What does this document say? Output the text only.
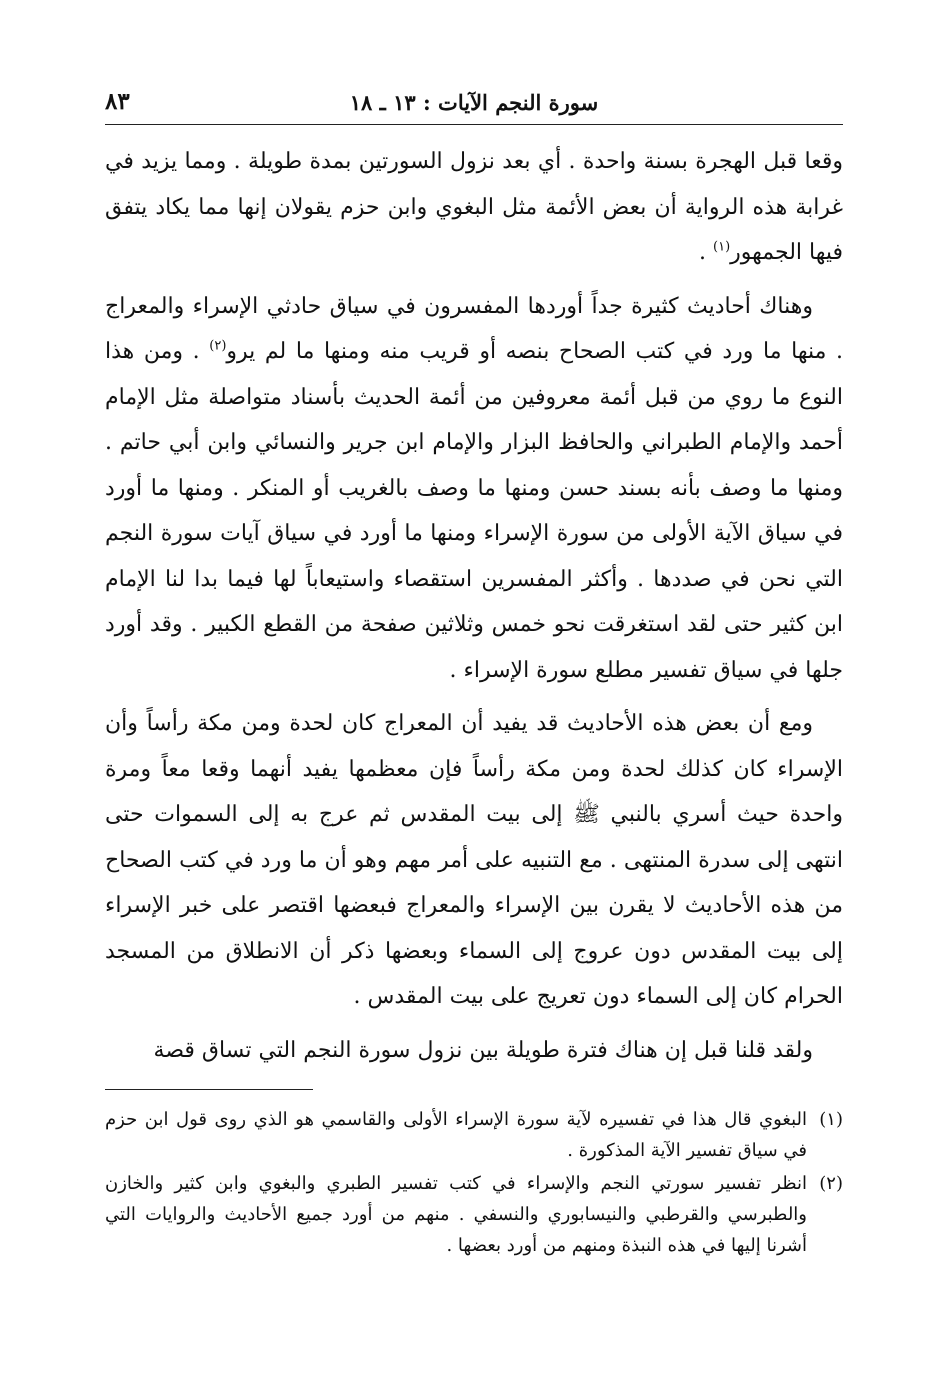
سورة النجم الآيات : ١٣ ـ ١٨
٨٣

وقعا قبل الهجرة بسنة واحدة . أي بعد نزول السورتين بمدة طويلة . ومما يزيد في غرابة هذه الرواية أن بعض الأئمة مثل البغوي وابن حزم يقولان إنها مما يكاد يتفق فيها الجمهور$^{(١)}$ .

وهناك أحاديث كثيرة جداً أوردها المفسرون في سياق حادثي الإسراء والمعراج . منها ما ورد في كتب الصحاح بنصه أو قريب منه ومنها ما لم يرو$^{(٢)}$ . ومن هذا النوع ما روي من قبل أئمة معروفين من أئمة الحديث بأسناد متواصلة مثل الإمام أحمد والإمام الطبراني والحافظ البزار والإمام ابن جرير والنسائي وابن أبي حاتم . ومنها ما وصف بأنه بسند حسن ومنها ما وصف بالغريب أو المنكر . ومنها ما أورد في سياق الآية الأولى من سورة الإسراء ومنها ما أورد في سياق آيات سورة النجم التي نحن في صددها . وأكثر المفسرين استقصاء واستيعاباً لها فيما بدا لنا الإمام ابن كثير حتى لقد استغرقت نحو خمس وثلاثين صفحة من القطع الكبير . وقد أورد جلها في سياق تفسير مطلع سورة الإسراء .

ومع أن بعض هذه الأحاديث قد يفيد أن المعراج كان لحدة ومن مكة رأساً وأن الإسراء كان كذلك لحدة ومن مكة رأساً فإن معظمها يفيد أنهما وقعا معاً ومرة واحدة حيث أسري بالنبي ﷺ إلى بيت المقدس ثم عرج به إلى السموات حتى انتهى إلى سدرة المنتهى . مع التنبيه على أمر مهم وهو أن ما ورد في كتب الصحاح من هذه الأحاديث لا يقرن بين الإسراء والمعراج فبعضها اقتصر على خبر الإسراء إلى بيت المقدس دون عروج إلى السماء وبعضها ذكر أن الانطلاق من المسجد الحرام كان إلى السماء دون تعريج على بيت المقدس .

ولقد قلنا قبل إن هناك فترة طويلة بين نزول سورة النجم التي تساق قصة

(١)
البغوي قال هذا في تفسيره لآية سورة الإسراء الأولى والقاسمي هو الذي روى قول ابن حزم في سياق تفسير الآية المذكورة .
(٢)
انظر تفسير سورتي النجم والإسراء في كتب تفسير الطبري والبغوي وابن كثير والخازن والطبرسي والقرطبي والنيسابوري والنسفي . منهم من أورد جميع الأحاديث والروايات التي أشرنا إليها في هذه النبذة ومنهم من أورد بعضها .
